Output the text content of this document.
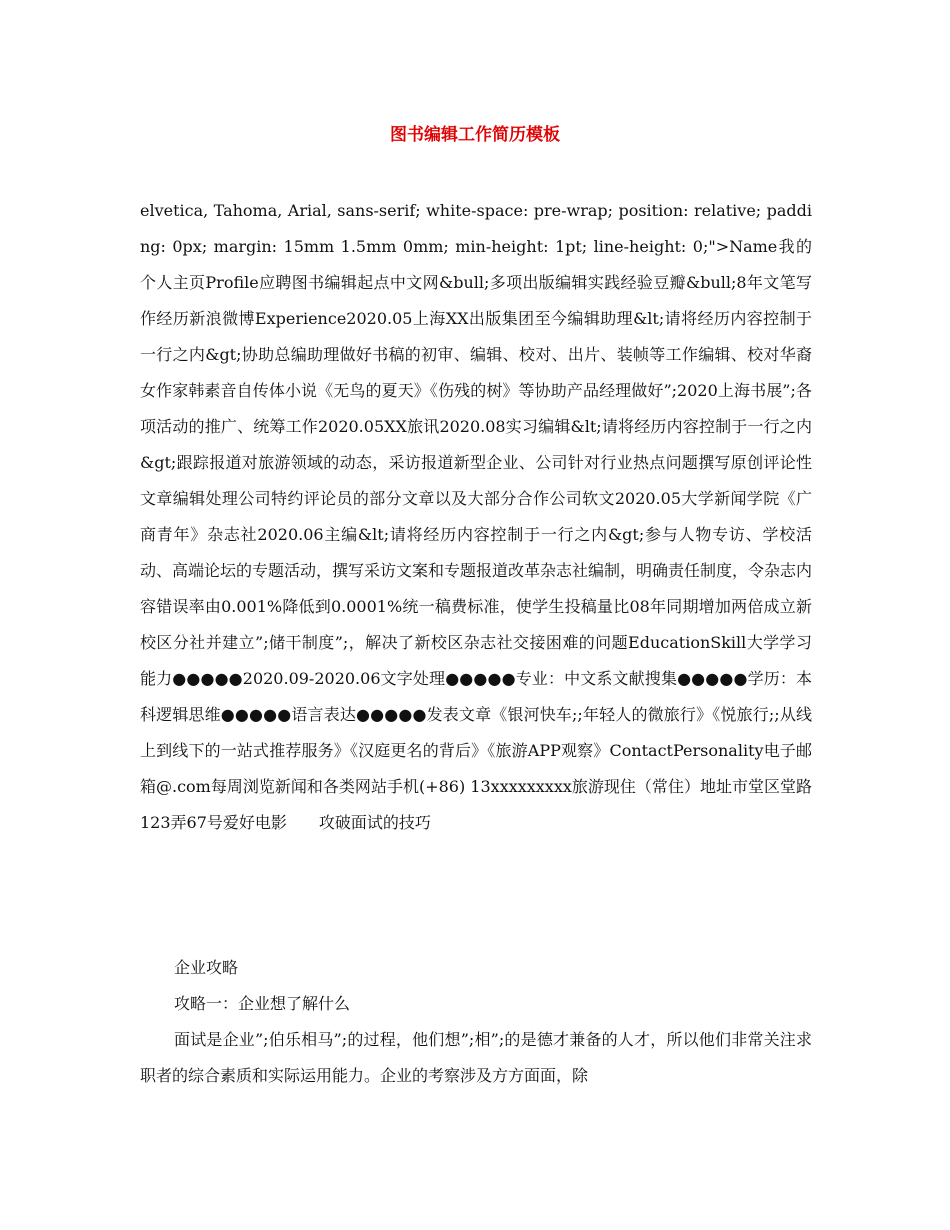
图书编辑工作简历模板

elvetica, Tahoma, Arial, sans-serif; white-space: pre-wrap; position: relative; padding: 0px; margin: 15mm 1.5mm 0mm; min-height: 1pt; line-height: 0;">Name我的个人主页Profile应聘图书编辑起点中文网&bull;多项出版编辑实践经验豆瓣&bull;8年文笔写作经历新浪微博Experience2020.05上海XX出版集团至今编辑助理&lt;请将经历内容控制于一行之内&gt;协助总编助理做好书稿的初审、编辑、校对、出片、装帧等工作编辑、校对华裔女作家韩素音自传体小说《无鸟的夏天》《伤残的树》等协助产品经理做好”;2020上海书展”;各项活动的推广、统筹工作2020.05XX旅讯2020.08实习编辑&lt;请将经历内容控制于一行之内&gt;跟踪报道对旅游领域的动态，采访报道新型企业、公司针对行业热点问题撰写原创评论性文章编辑处理公司特约评论员的部分文章以及大部分合作公司软文2020.05大学新闻学院《广商青年》杂志社2020.06主编&lt;请将经历内容控制于一行之内&gt;参与人物专访、学校活动、高端论坛的专题活动，撰写采访文案和专题报道改革杂志社编制，明确责任制度，令杂志内容错误率由0.001%降低到0.0001%统一稿费标准，使学生投稿量比08年同期增加两倍成立新校区分社并建立”;储干制度”;，解决了新校区杂志社交接困难的问题EducationSkill大学学习能力●●●●●2020.09-2020.06文字处理●●●●●专业：中文系文献搜集●●●●●学历：本科逻辑思维●●●●●语言表达●●●●●发表文章《银河快车;;年轻人的微旅行》《悦旅行;;从线上到线下的一站式推荐服务》《汉庭更名的背后》《旅游APP观察》ContactPersonality电子邮箱@.com每周浏览新闻和各类网站手机(+86) 13xxxxxxxxx旅游现住（常住）地址市堂区堂路123弄67号爱好电影　　攻破面试的技巧

企业攻略

攻略一：企业想了解什么

面试是企业”;伯乐相马”;的过程，他们想”;相”;的是德才兼备的人才，所以他们非常关注求职者的综合素质和实际运用能力。企业的考察涉及方方面面，除
